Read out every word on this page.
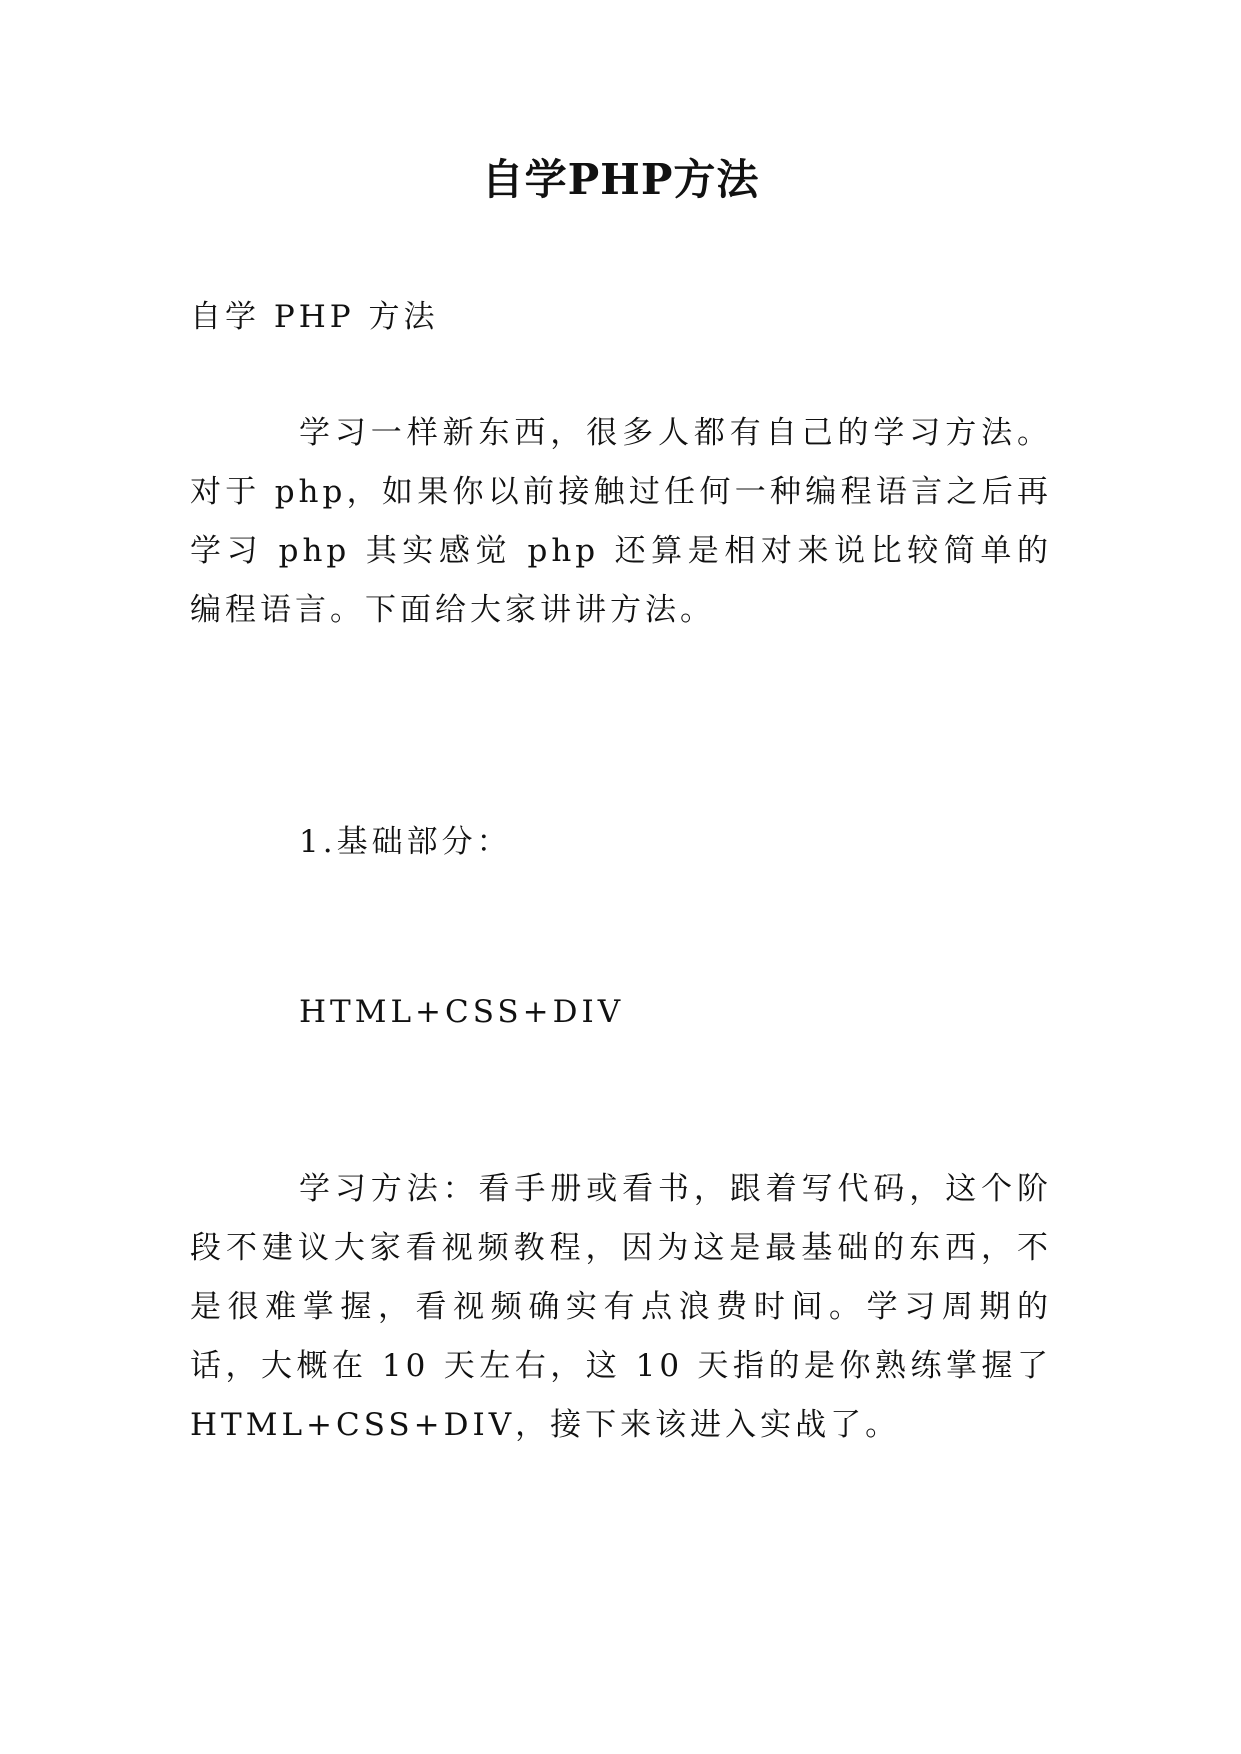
自学PHP方法
自学 PHP 方法
学习一样新东西，很多人都有自己的学习方法。对于 php，如果你以前接触过任何一种编程语言之后再学习 php 其实感觉 php 还算是相对来说比较简单的编程语言。下面给大家讲讲方法。
1.基础部分：
HTML+CSS+DIV
学习方法：看手册或看书，跟着写代码，这个阶段不建议大家看视频教程，因为这是最基础的东西，不是很难掌握，看视频确实有点浪费时间。学习周期的话，大概在 10 天左右，这 10 天指的是你熟练掌握了 HTML+CSS+DIV，接下来该进入实战了。
